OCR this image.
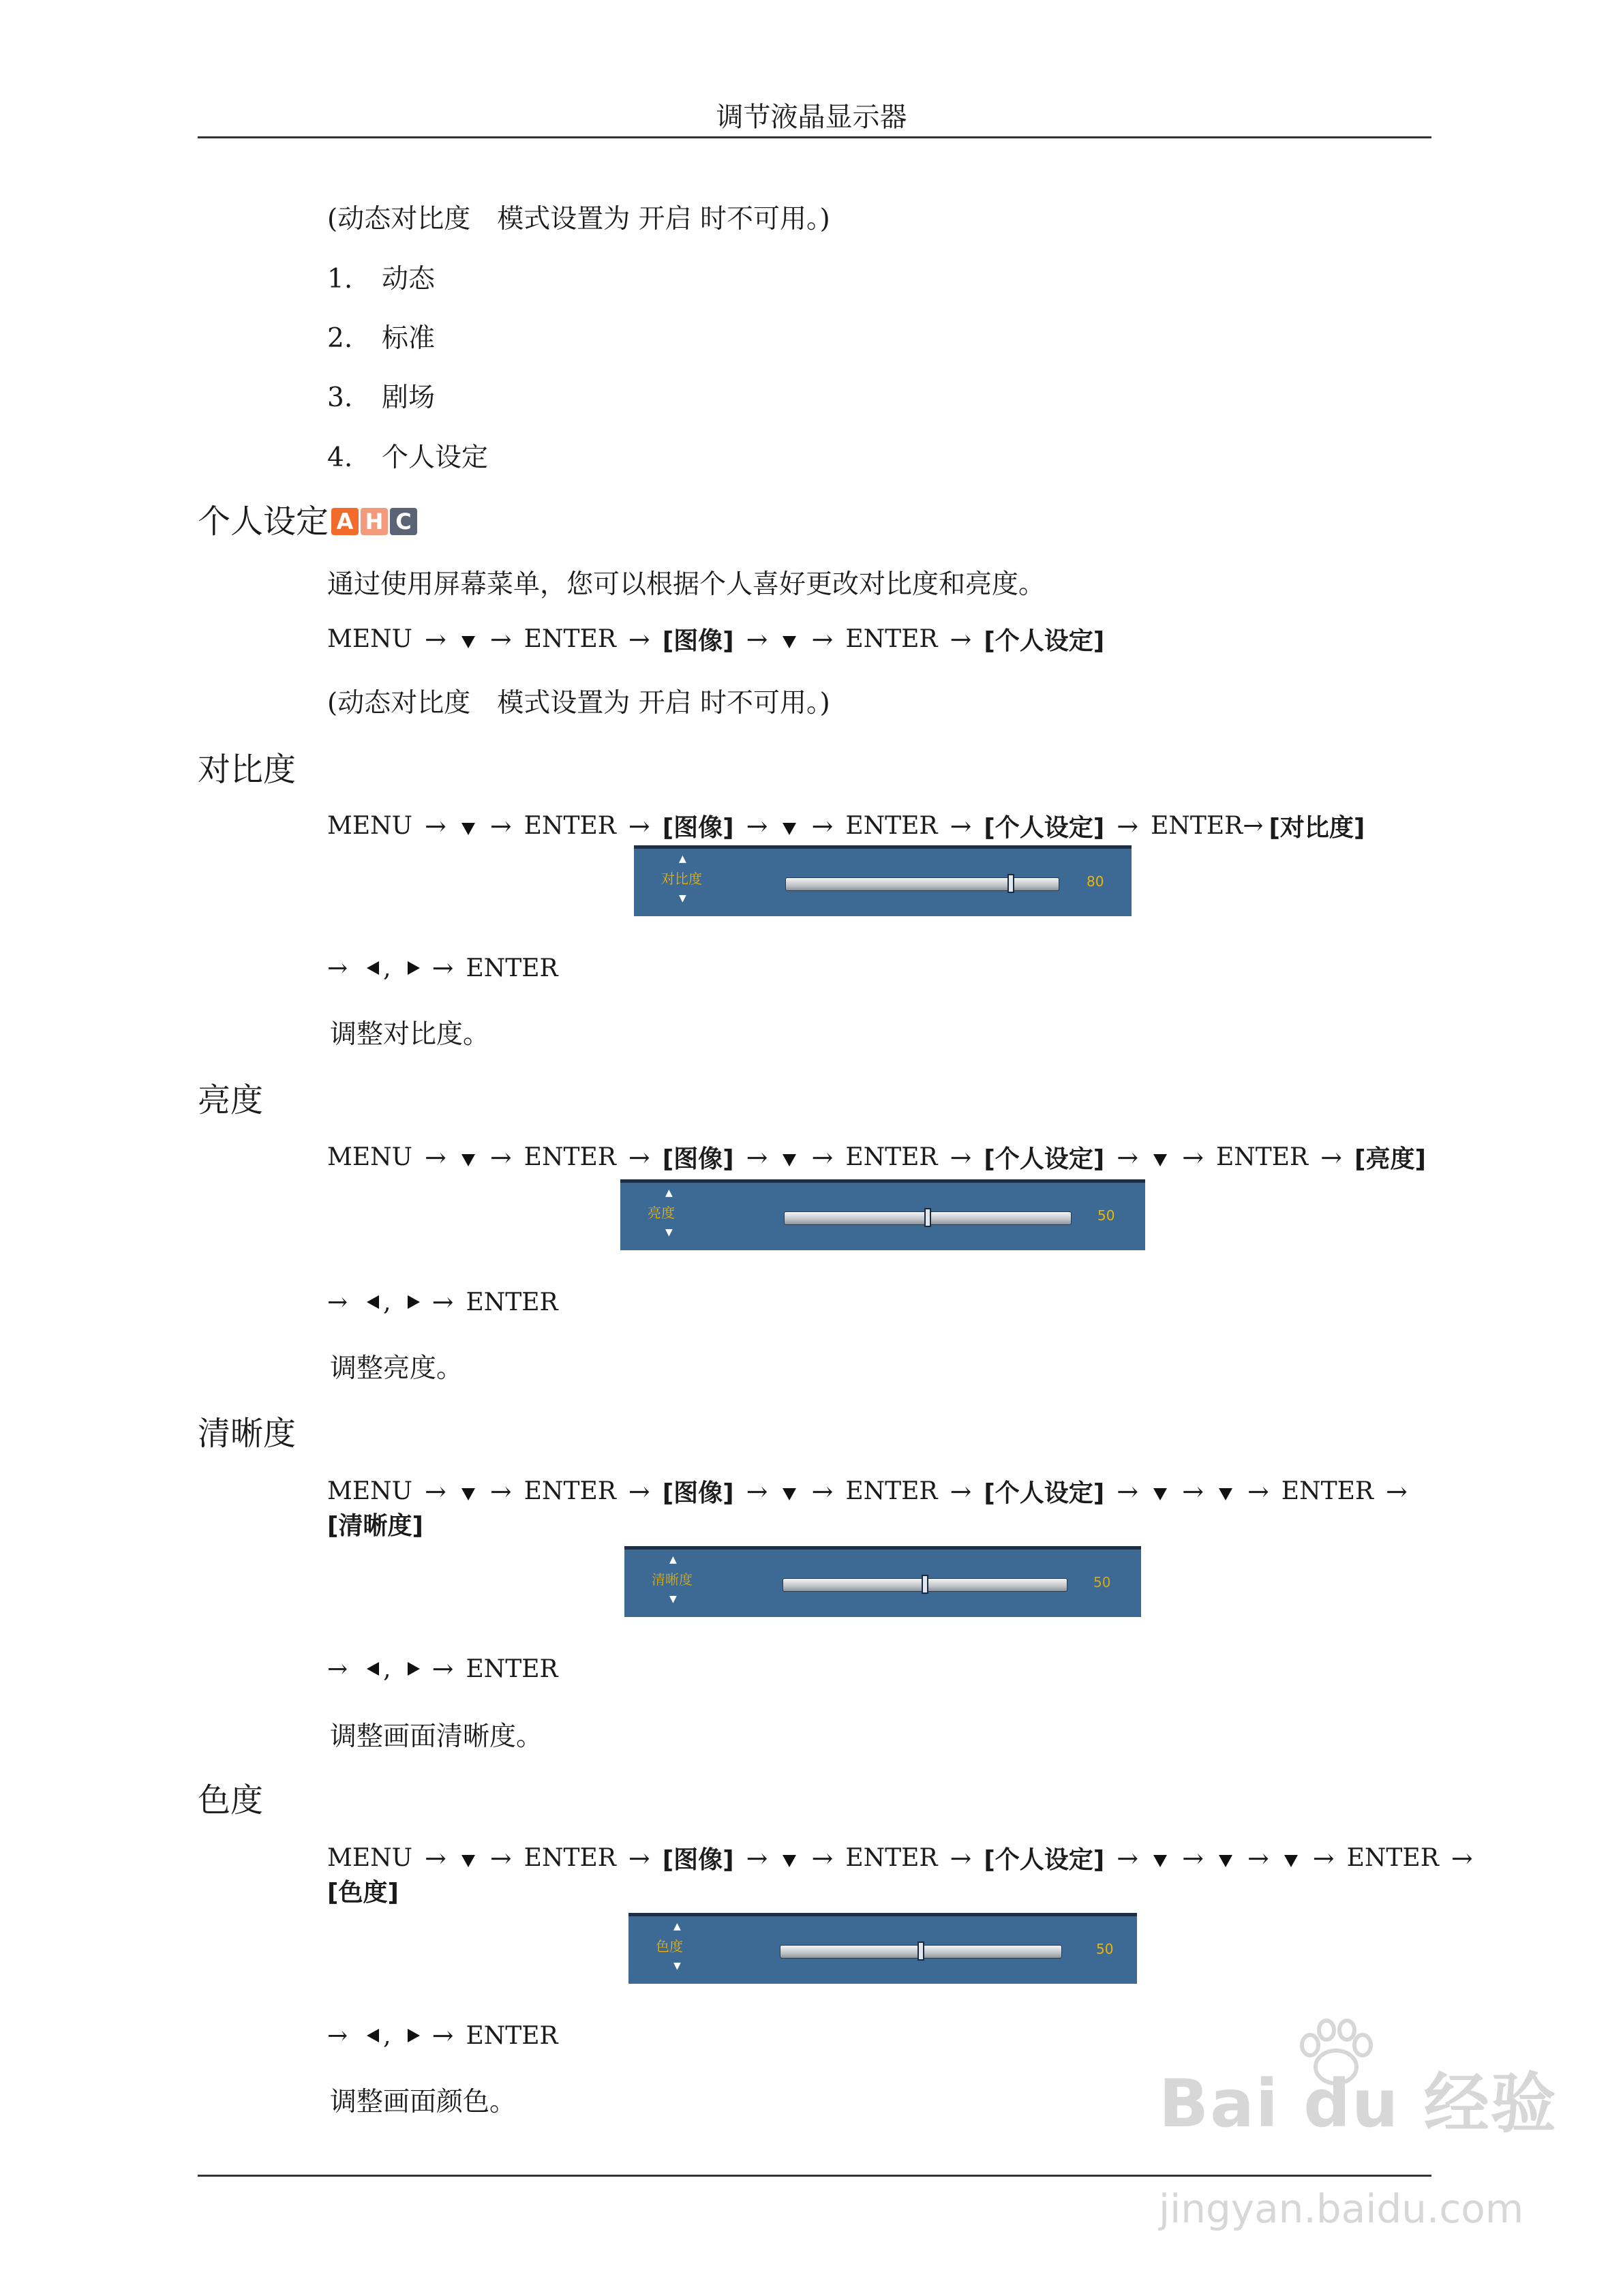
调节液晶显示器
(动态对比度　模式设置为 开启 时不可用。)
1. 动态
2. 标准
3. 剧场
4. 个人设定
个人设定 A H C
通过使用屏幕菜单，您可以根据个人喜好更改对比度和亮度。
MENU → → ENTER → [图像] → → ENTER → [个人设定]
(动态对比度　模式设置为 开启 时不可用。)
对比度
MENU → → ENTER → [图像] → → ENTER → [个人设定] → ENTER→ [对比度]
▲
对比度
▼
80
→ , → ENTER
调整对比度。
亮度
MENU → → ENTER → [图像] → → ENTER → [个人设定] → → ENTER → [亮度]
▲
亮度
▼
50
→ , → ENTER
调整亮度。
清晰度
MENU → → ENTER → [图像] → → ENTER → [个人设定] → → → ENTER →
[清晰度]
▲
清晰度
▼
50
→ , → ENTER
调整画面清晰度。
色度
MENU → → ENTER → [图像] → → ENTER → [个人设定] → → → → ENTER →
[色度]
▲
色度
▼
50
→ , → ENTER
调整画面颜色。	Bai du 经验
jingyan.baidu.com
